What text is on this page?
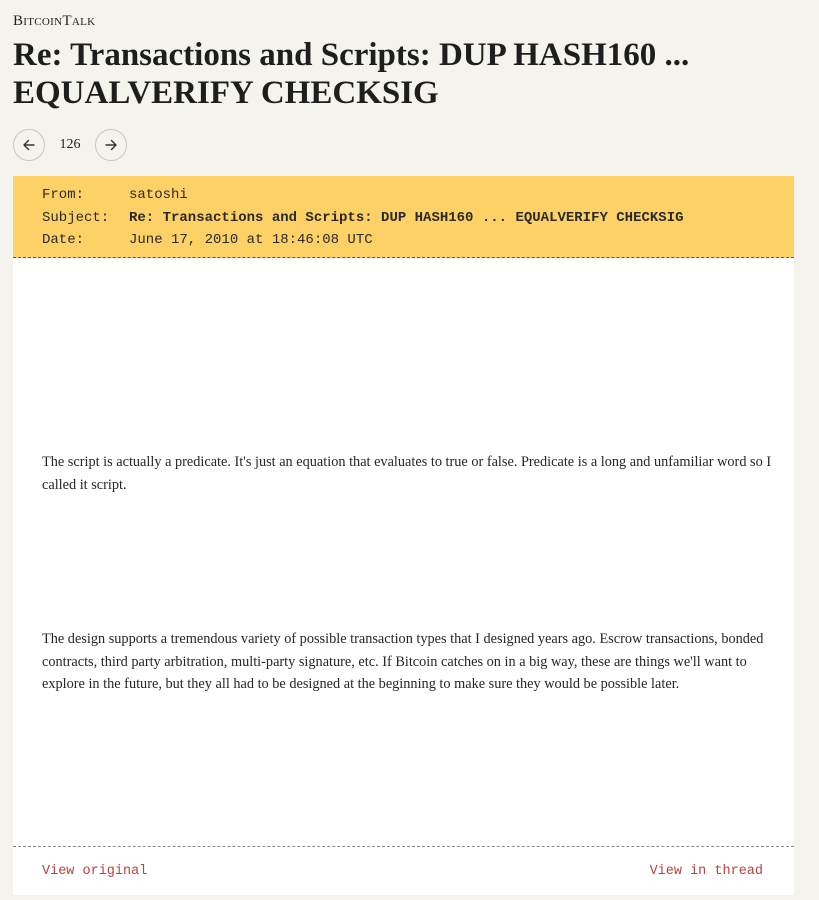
BitcoinTalk
Re: Transactions and Scripts: DUP HASH160 ... EQUALVERIFY CHECKSIG
126
From:	satoshi
Subject:	Re: Transactions and Scripts: DUP HASH160 ... EQUALVERIFY CHECKSIG
Date:	June 17, 2010 at 18:46:08 UTC

The script is actually a predicate. It's just an equation that evaluates to true or false. Predicate is a long and unfamiliar word so I called it script.

The design supports a tremendous variety of possible transaction types that I designed years ago. Escrow transactions, bonded contracts, third party arbitration, multi-party signature, etc. If Bitcoin catches on in a big way, these are things we'll want to explore in the future, but they all had to be designed at the beginning to make sure they would be possible later.

View original	View in thread
